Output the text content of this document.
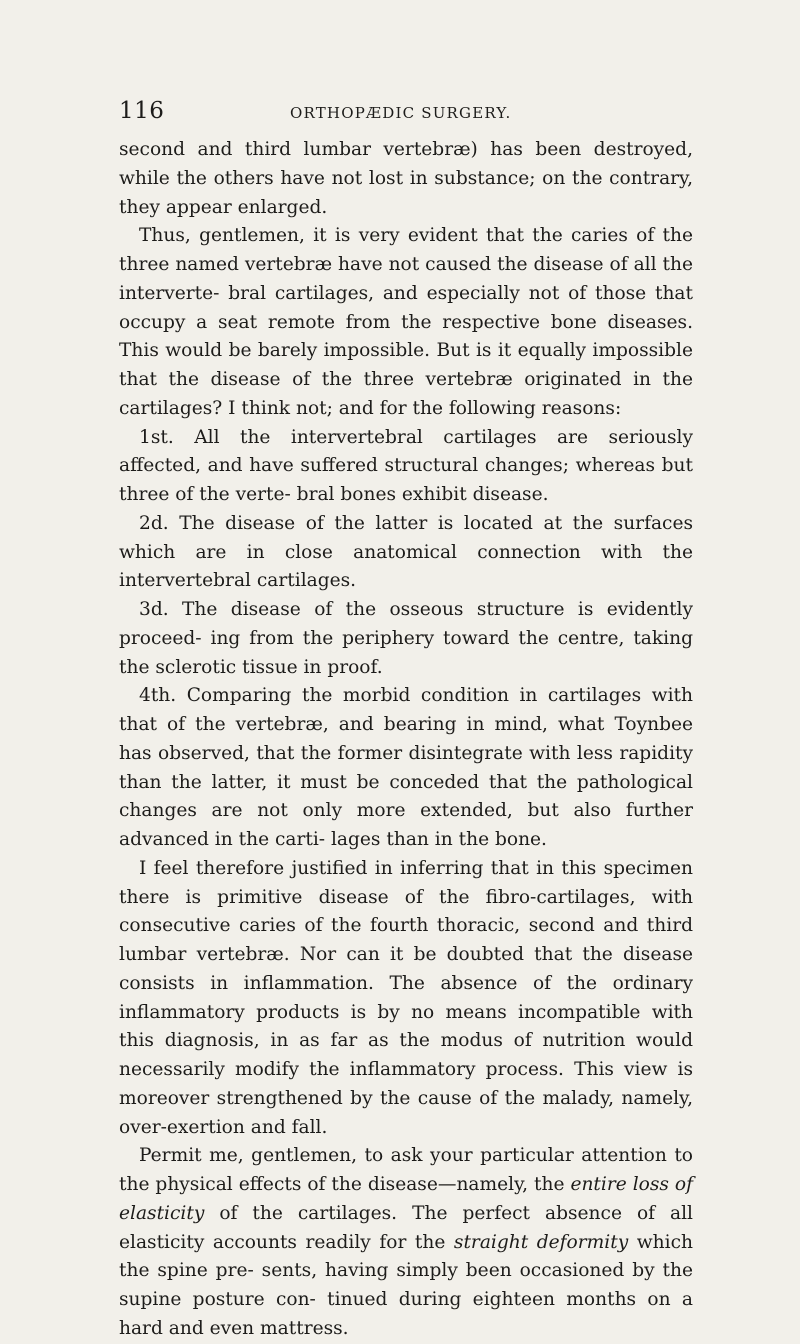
116	ORTHOPÆDIC SURGERY.

second and third lumbar vertebræ) has been destroyed, while the others have not lost in substance; on the contrary, they appear enlarged.

Thus, gentlemen, it is very evident that the caries of the three named vertebræ have not caused the disease of all the interverte- bral cartilages, and especially not of those that occupy a seat remote from the respective bone diseases. This would be barely impossible. But is it equally impossible that the disease of the three vertebræ originated in the cartilages? I think not; and for the following reasons:

1st. All the intervertebral cartilages are seriously affected, and have suffered structural changes; whereas but three of the verte- bral bones exhibit disease.

2d. The disease of the latter is located at the surfaces which are in close anatomical connection with the intervertebral cartilages.

3d. The disease of the osseous structure is evidently proceed- ing from the periphery toward the centre, taking the sclerotic tissue in proof.

4th. Comparing the morbid condition in cartilages with that of the vertebræ, and bearing in mind, what Toynbee has observed, that the former disintegrate with less rapidity than the latter, it must be conceded that the pathological changes are not only more extended, but also further advanced in the carti- lages than in the bone.

I feel therefore justified in inferring that in this specimen there is primitive disease of the fibro-cartilages, with consecutive caries of the fourth thoracic, second and third lumbar vertebræ. Nor can it be doubted that the disease consists in inflammation. The absence of the ordinary inflammatory products is by no means incompatible with this diagnosis, in as far as the modus of nutrition would necessarily modify the inflammatory process. This view is moreover strengthened by the cause of the malady, namely, over-exertion and fall.

Permit me, gentlemen, to ask your particular attention to the physical effects of the disease—namely, the entire loss of elasticity of the cartilages. The perfect absence of all elasticity accounts readily for the straight deformity which the spine pre- sents, having simply been occasioned by the supine posture con- tinued during eighteen months on a hard and even mattress.
